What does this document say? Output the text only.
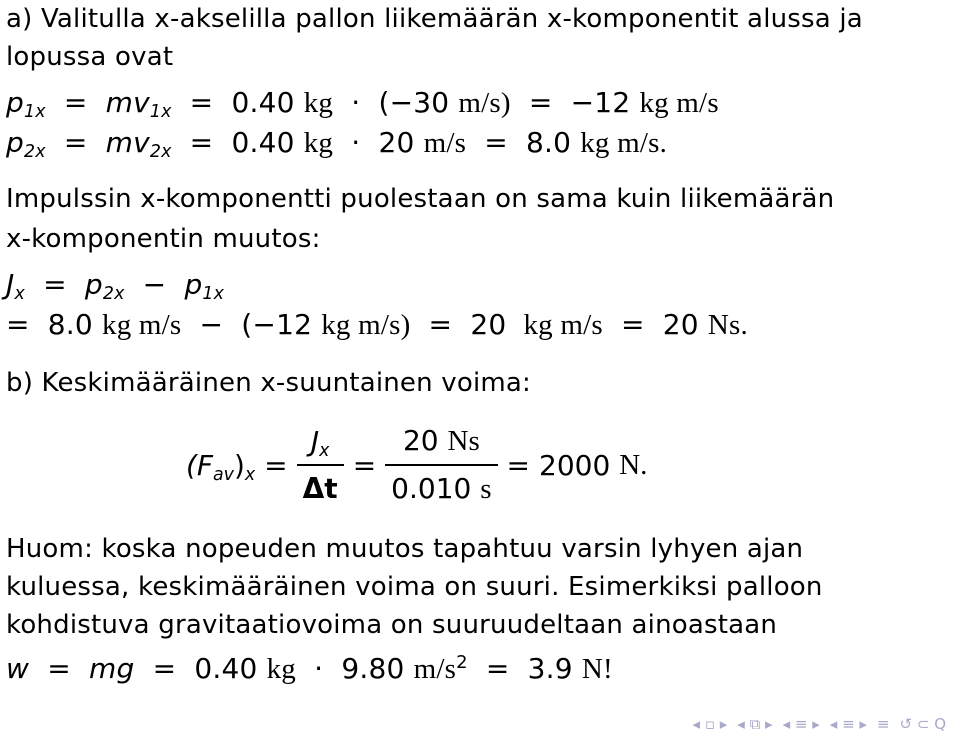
a) Valitulla x-akselilla pallon liikemäärän x-komponentit alussa ja
lopussa ovat
$p_{1x} = mv_{1x} = 0.40$ kg · (−30 m/s) = −12 kg m/s
$p_{2x} = mv_{2x} = 0.40$ kg · 20 m/s = 8.0 kg m/s.
Impulssin x-komponentti puolestaan on sama kuin liikemäärän
x-komponentin muutos:
$J_x = p_{2x} - p_{1x}$
= 8.0 kg m/s − (−12 kg m/s) = 20 kg m/s = 20 Ns.
b) Keskimääräinen x-suuntainen voima:
$(F_{av})_x = \frac{J_x}{\Delta t} = \frac{20 Ns}{0.010 s} = 2000$
N.
Huom: koska nopeuden muutos tapahtuu varsin lyhyen ajan
kuluessa, keskimääräinen voima on suuri. Esimerkiksi palloon
kohdistuva gravitaatiovoima on suuruudeltaan ainoastaan
w = mg = 0.40 kg · 9.80 $m/s^2 = 3.9$ N!
◂ ▫ ▸ ◂ ⧉ ▸ ◂ ≡ ▸ ◂ ≡ ▸ ≡ ↺ ⊂ Q
